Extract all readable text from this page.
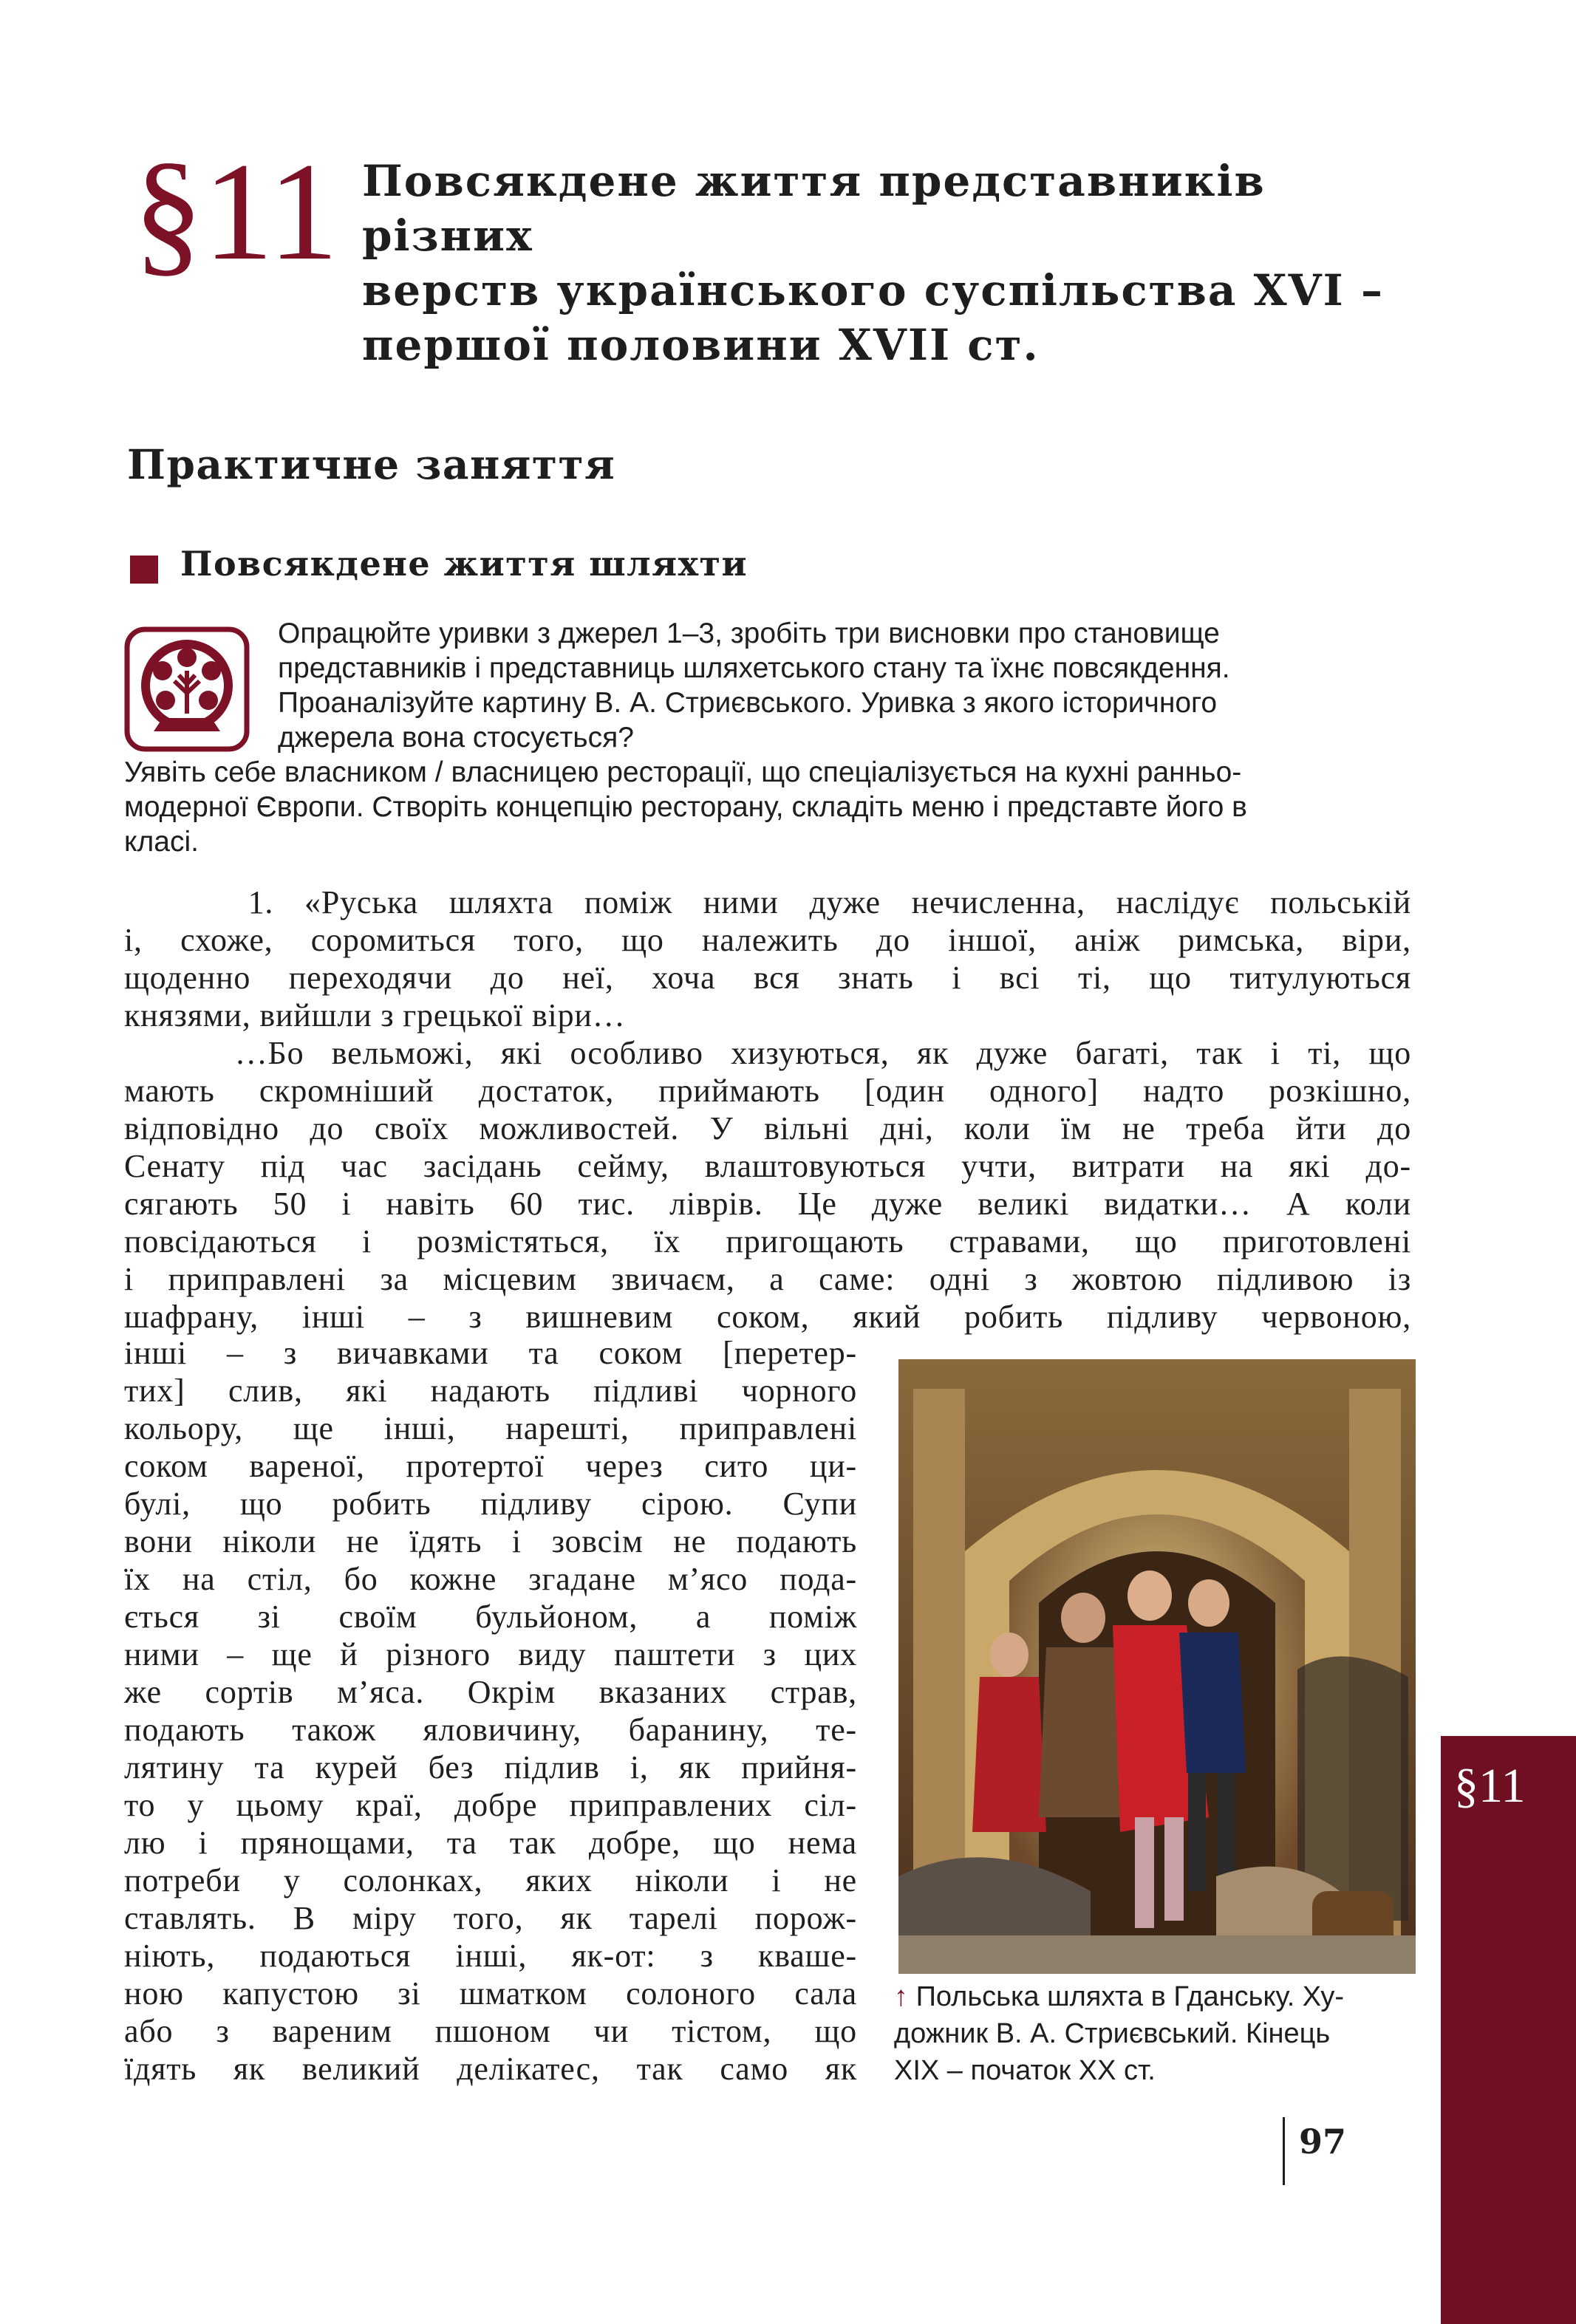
§11 Повсякдене життя представників різних
верств українського суспільства XVI –
першої половини XVII ст.
Практичне заняття
Повсякдене життя шляхти
Опрацюйте уривки з джерел 1–3, зробіть три висновки про становище
представників і представниць шляхетського стану та їхнє повсякдення.
Проаналізуйте картину В. А. Стриєвського. Уривка з якого історичного
джерела вона стосується?
Уявіть себе власником / власницею ресторації, що спеціалізується на кухні ранньо-
модерної Європи. Створіть концепцію ресторану, складіть меню і представте його в
класі.
1. «Руська шляхта поміж ними дуже нечисленна, наслідує польській
і, схоже, соромиться того, що належить до іншої, аніж римська, віри,
щоденно переходячи до неї, хоча вся знать і всі ті, що титулуються
князями, вийшли з грецької віри…
…Бо вельможі, які особливо хизуються, як дуже багаті, так і ті, що
мають скромніший достаток, приймають [один одного] надто розкішно,
відповідно до своїх можливостей. У вільні дні, коли їм не треба йти до
Сенату під час засідань сейму, влаштовуються учти, витрати на які до-
сягають 50 і навіть 60 тис. ліврів. Це дуже великі видатки… А коли
повсідаються і розмістяться, їх пригощають стравами, що приготовлені
і приправлені за місцевим звичаєм, а саме: одні з жовтою підливою із
шафрану, інші – з вишневим соком, який робить підливу червоною,
інші – з вичавками та соком [перетер-
тих] слив, які надають підливі чорного
кольору, ще інші, нарешті, приправлені
соком вареної, протертої через сито ци-
булі, що робить підливу сірою. Супи
вони ніколи не їдять і зовсім не подають
їх на стіл, бо кожне згадане м’ясо пода-
ється зі своїм бульйоном, а поміж
ними – ще й різного виду паштети з цих
же сортів м’яса. Окрім вказаних страв,
подають також яловичину, баранину, те-
лятину та курей без підлив і, як прийня-
то у цьому краї, добре приправлених сіл-
лю і прянощами, та так добре, що нема
потреби у солонках, яких ніколи і не
ставлять. В міру того, як тарелі порож-
ніють, подаються інші, як-от: з кваше-
ною капустою зі шматком солоного сала
або з вареним пшоном чи тістом, що
їдять як великий делікатес, так само як
↑ Польська шляхта в Гданську. Ху-
дожник В. А. Стриєвський. Кінець
XIX – початок XX ст.
97
§11
